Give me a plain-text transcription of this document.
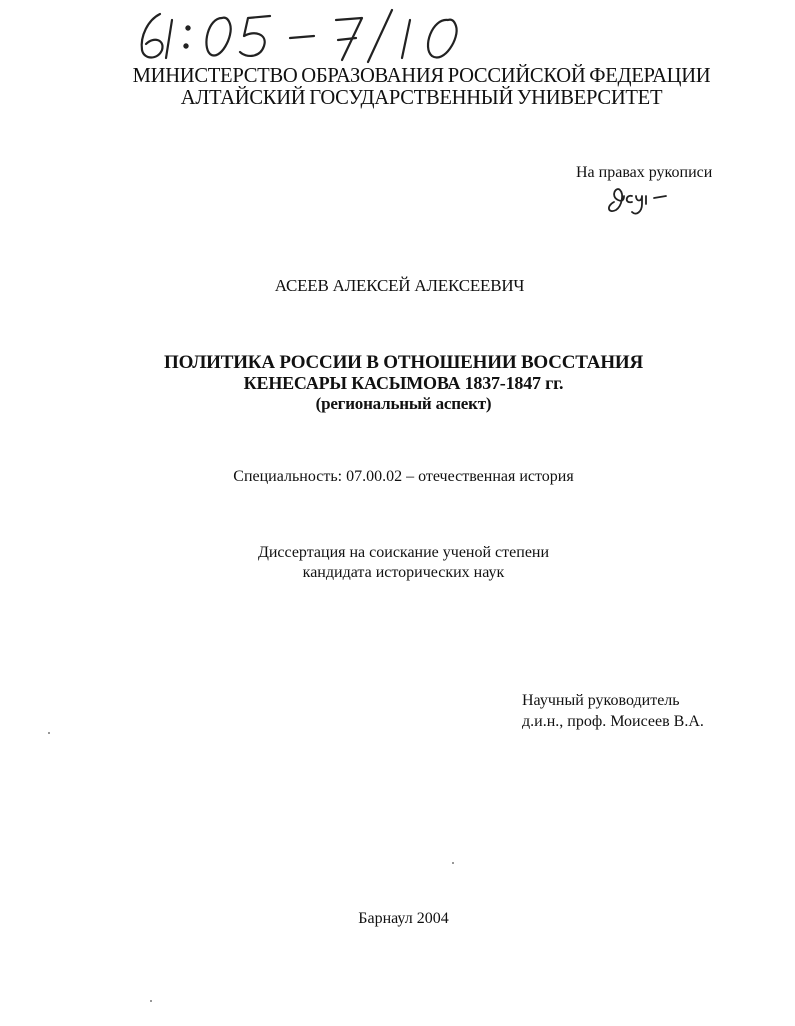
МИНИСТЕРСТВО ОБРАЗОВАНИЯ РОССИЙСКОЙ ФЕДЕРАЦИИ
АЛТАЙСКИЙ ГОСУДАРСТВЕННЫЙ УНИВЕРСИТЕТ
На правах рукописи
АСЕЕВ АЛЕКСЕЙ АЛЕКСЕЕВИЧ
ПОЛИТИКА РОССИИ В ОТНОШЕНИИ ВОССТАНИЯ
КЕНЕСАРЫ КАСЫМОВА 1837-1847 гг.
(региональный аспект)
Специальность: 07.00.02 – отечественная история
Диссертация на соискание ученой степени
кандидата исторических наук
Научный руководитель
д.и.н., проф. Моисеев В.А.
Барнаул 2004
